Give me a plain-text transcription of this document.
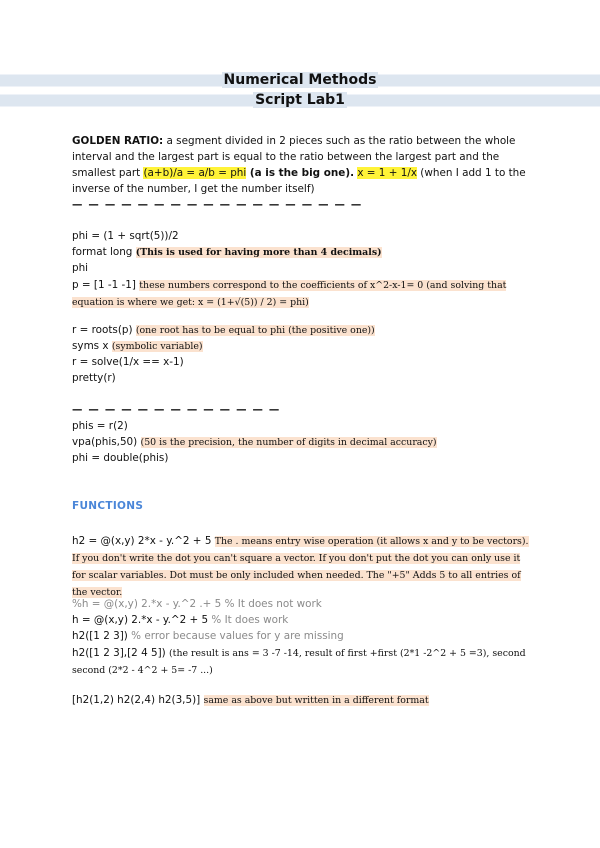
Numerical Methods
Script Lab1
GOLDEN RATIO: a segment divided in 2 pieces such as the ratio between the whole interval and the largest part is equal to the ratio between the largest part and the smallest part (a+b)/a = a/b = phi (a is the big one). x = 1 + 1/x (when I add 1 to the inverse of the number, I get the number itself)
— — — — — — — — — — — — — — — — — —
phi = (1 + sqrt(5))/2
format long (This is used for having more than 4 decimals)
phi
p = [1 -1 -1] these numbers correspond to the coefficients of x^2-x-1= 0 (and solving that equation is where we get: x = (1+√(5)) / 2) = phi)
r = roots(p) (one root has to be equal to phi (the positive one))
syms x (symbolic variable)
r = solve(1/x == x-1)
pretty(r)
— — — — — — — — — — — — —
phis = r(2)
vpa(phis,50) (50 is the precision, the number of digits in decimal accuracy)
phi = double(phis)
FUNCTIONS
h2 = @(x,y) 2*x - y.^2 + 5 The . means entry wise operation (it allows x and y to be vectors). If you don't write the dot you can't square a vector. If you don't put the dot you can only use it for scalar variables. Dot must be only included when needed. The "+5" Adds 5 to all entries of the vector.
%h = @(x,y) 2.*x - y.^2 .+ 5 % It does not work
h = @(x,y) 2.*x - y.^2 + 5 % It does work
h2([1 2 3]) % error because values for y are missing
h2([1 2 3],[2 4 5]) (the result is ans = 3 -7 -14, result of first +first (2*1 -2^2 + 5 =3), second second (2*2 - 4^2 + 5= -7 ...)
[h2(1,2) h2(2,4) h2(3,5)] same as above but written in a different format
